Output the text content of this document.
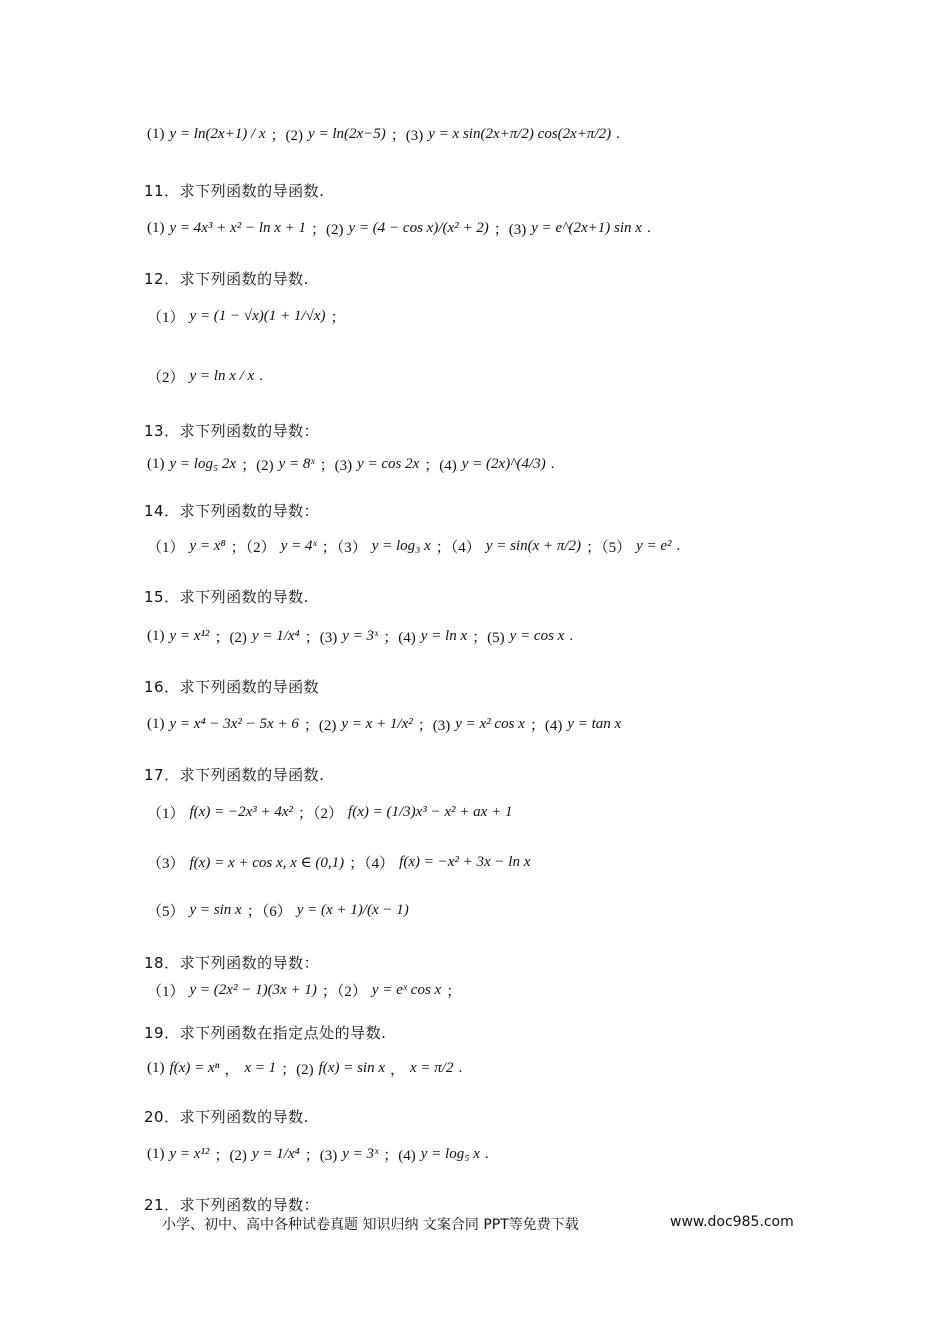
(1) y = ln(2x+1) / x ；(2) y = ln(2x−5) ；(3) y = x sin(2x+π/2) cos(2x+π/2) .
11．求下列函数的导函数.
(1) y = 4x³ + x² − ln x + 1 ；(2) y = (4 − cos x)/(x² + 2) ；(3) y = e^(2x+1) sin x .
12．求下列函数的导数.
（1） y = (1 − √x)(1 + 1/√x) ；
（2） y = ln x / x .
13．求下列函数的导数：
(1) y = log₅ 2x ；(2) y = 8ˣ ；(3) y = cos 2x ；(4) y = (2x)^(4/3) .
14．求下列函数的导数：
（1） y = x⁸ ；（2） y = 4ˣ ；（3） y = log₃ x ；（4） y = sin(x + π/2) ；（5） y = e² .
15．求下列函数的导数.
(1) y = x¹² ；(2) y = 1/x⁴ ；(3) y = 3ˣ ；(4) y = ln x ；(5) y = cos x .
16．求下列函数的导函数
(1) y = x⁴ − 3x² − 5x + 6 ；(2) y = x + 1/x² ；(3) y = x² cos x ；(4) y = tan x
17．求下列函数的导函数.
（1） f(x) = −2x³ + 4x² ；（2） f(x) = (1/3)x³ − x² + ax + 1
（3） f(x) = x + cos x, x ∈ (0,1) ；（4） f(x) = −x² + 3x − ln x
（5） y = sin x ；（6） y = (x + 1)/(x − 1)
18．求下列函数的导数：
（1） y = (2x² − 1)(3x + 1) ；（2） y = eˣ cos x ；
19．求下列函数在指定点处的导数.
(1) f(x) = xⁿ ， x = 1 ；(2) f(x) = sin x ， x = π/2 .
20．求下列函数的导数.
(1) y = x¹² ；(2) y = 1/x⁴ ；(3) y = 3ˣ ；(4) y = log₅ x .
21．求下列函数的导数：
小学、初中、高中各种试卷真题 知识归纳 文案合同 PPT等免费下载	www.doc985.com
